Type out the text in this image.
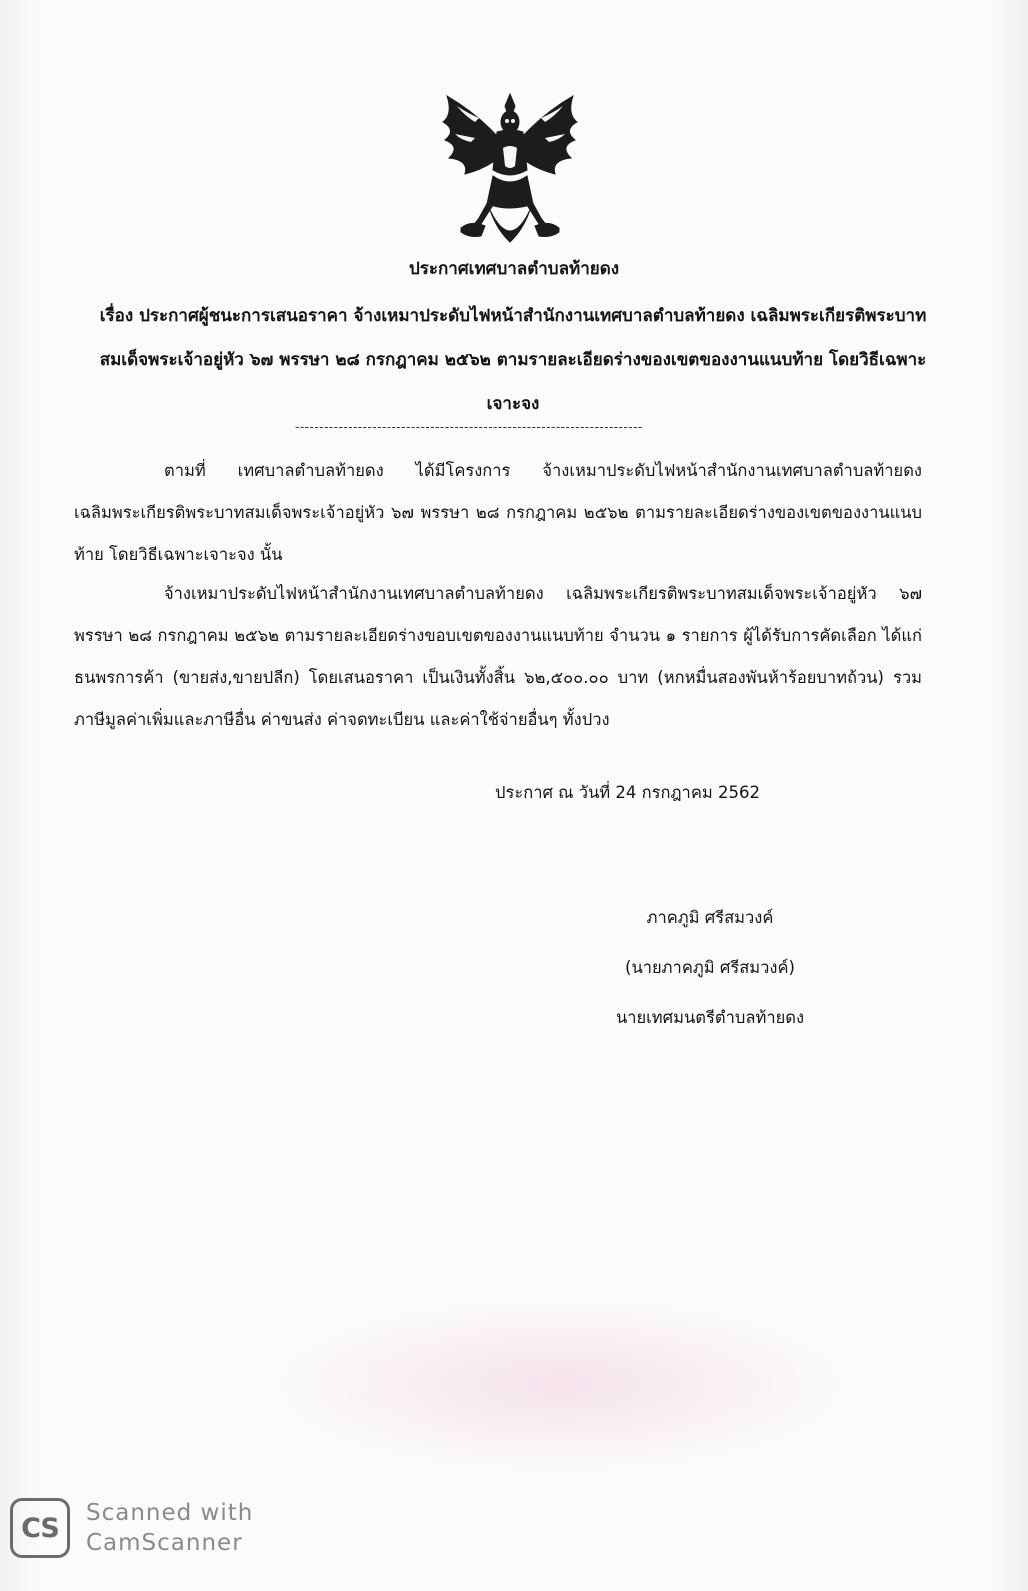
ประกาศเทศบาลตำบลท้ายดง
เรื่อง ประกาศผู้ชนะการเสนอราคา จ้างเหมาประดับไฟหน้าสำนักงานเทศบาลตำบลท้ายดง เฉลิมพระเกียรติพระบาทสมเด็จพระเจ้าอยู่หัว ๖๗ พรรษา ๒๘ กรกฎาคม ๒๕๖๒ ตามรายละเอียดร่างของเขตของงานแนบท้าย โดยวิธีเฉพาะเจาะจง
------------------------------------------------------------------------
ตามที่ เทศบาลตำบลท้ายดง ได้มีโครงการ จ้างเหมาประดับไฟหน้าสำนักงานเทศบาลตำบลท้ายดง เฉลิมพระเกียรติพระบาทสมเด็จพระเจ้าอยู่หัว ๖๗ พรรษา ๒๘ กรกฎาคม ๒๕๖๒ ตามรายละเอียดร่างของเขตของงานแนบท้าย โดยวิธีเฉพาะเจาะจง นั้น
จ้างเหมาประดับไฟหน้าสำนักงานเทศบาลตำบลท้ายดง เฉลิมพระเกียรติพระบาทสมเด็จพระเจ้าอยู่หัว ๖๗ พรรษา ๒๘ กรกฎาคม ๒๕๖๒ ตามรายละเอียดร่างขอบเขตของงานแนบท้าย จำนวน ๑ รายการ ผู้ได้รับการคัดเลือก ได้แก่ ธนพรการค้า (ขายส่ง,ขายปลีก) โดยเสนอราคา เป็นเงินทั้งสิ้น ๖๒,๕๐๐.๐๐ บาท (หกหมื่นสองพันห้าร้อยบาทถ้วน) รวมภาษีมูลค่าเพิ่มและภาษีอื่น ค่าขนส่ง ค่าจดทะเบียน และค่าใช้จ่ายอื่นๆ ทั้งปวง
ประกาศ ณ วันที่ 24 กรกฎาคม 2562
ภาคภูมิ ศรีสมวงค์
(นายภาคภูมิ ศรีสมวงค์)
นายเทศมนตรีตำบลท้ายดง
CS	Scanned with
CamScanner
